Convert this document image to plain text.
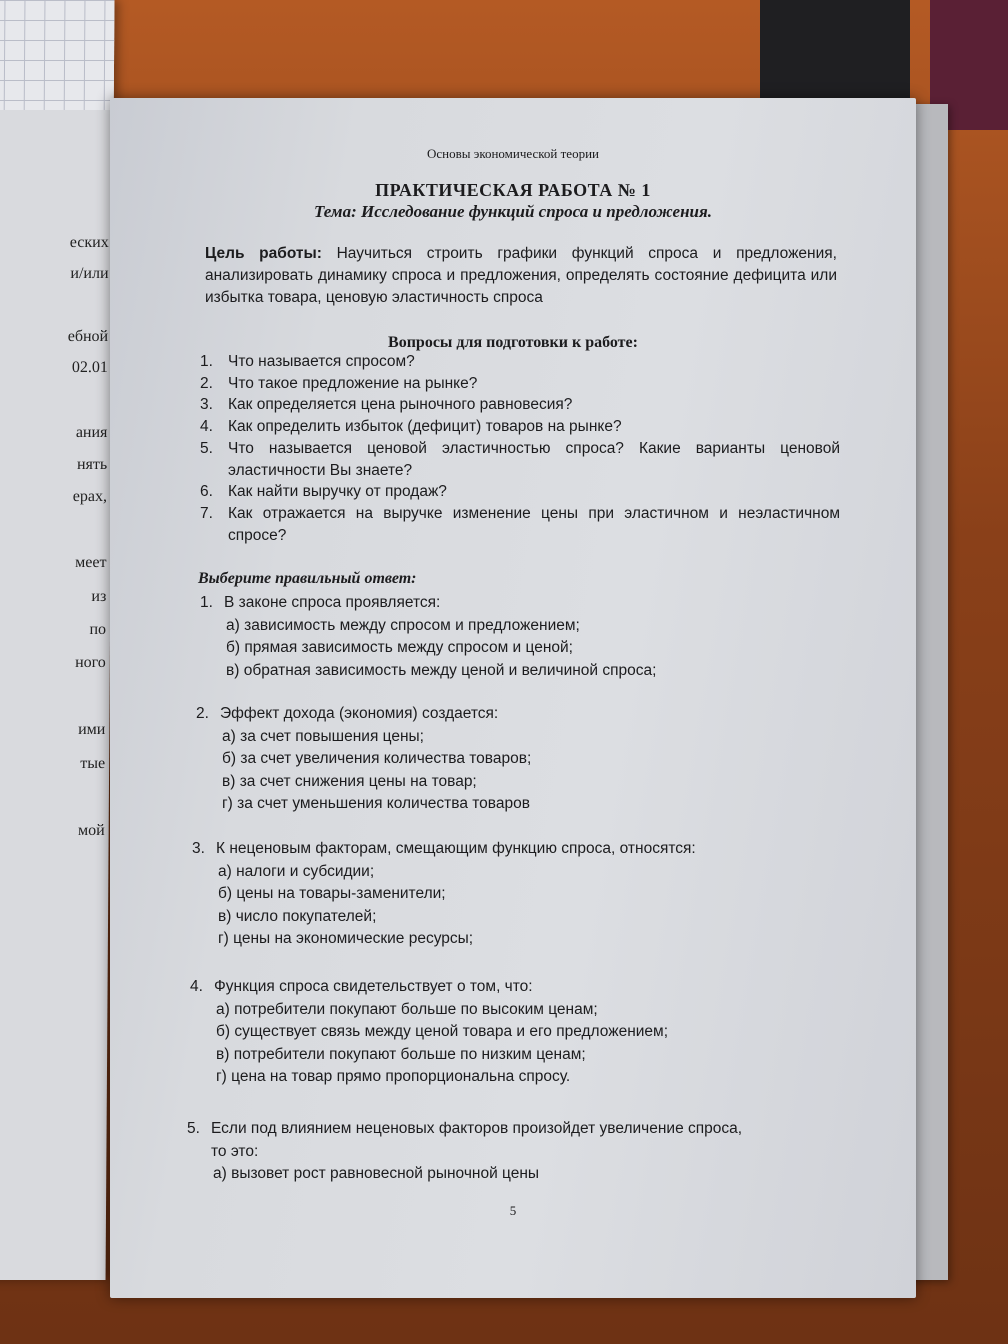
еских
и/или
ебной
02.01
ания
нять
ерах,
меет
из
по
ного
ими
тые
мой
Основы экономической теории
ПРАКТИЧЕСКАЯ РАБОТА № 1
Тема: Исследование функций спроса и предложения.
Цель работы: Научиться строить графики функций спроса и предложения, анализировать динамику спроса и предложения, определять состояние дефицита или избытка товара, ценовую эластичность спроса
Вопросы для подготовки к работе:
1. Что называется спросом?
2. Что такое предложение на рынке?
3. Как определяется цена рыночного равновесия?
4. Как определить избыток (дефицит) товаров на рынке?
5. Что называется ценовой эластичностью спроса? Какие варианты ценовой эластичности Вы знаете?
6. Как найти выручку от продаж?
7. Как отражается на выручке изменение цены при эластичном и неэластичном спросе?
Выберите правильный ответ:
1. В законе спроса проявляется:
а) зависимость между спросом и предложением;
б) прямая зависимость между спросом и ценой;
в) обратная зависимость между ценой и величиной спроса;
2. Эффект дохода (экономия) создается:
а) за счет повышения цены;
б) за счет увеличения количества товаров;
в) за счет снижения цены на товар;
г) за счет уменьшения количества товаров
3. К неценовым факторам, смещающим функцию спроса, относятся:
а) налоги и субсидии;
б) цены на товары-заменители;
в) число покупателей;
г) цены на экономические ресурсы;
4. Функция спроса свидетельствует о том, что:
а) потребители покупают больше по высоким ценам;
б) существует связь между ценой товара и его предложением;
в) потребители покупают больше по низким ценам;
г) цена на товар прямо пропорциональна спросу.
5. Если под влиянием неценовых факторов произойдет увеличение спроса,
то это:
а) вызовет рост равновесной рыночной цены
5
